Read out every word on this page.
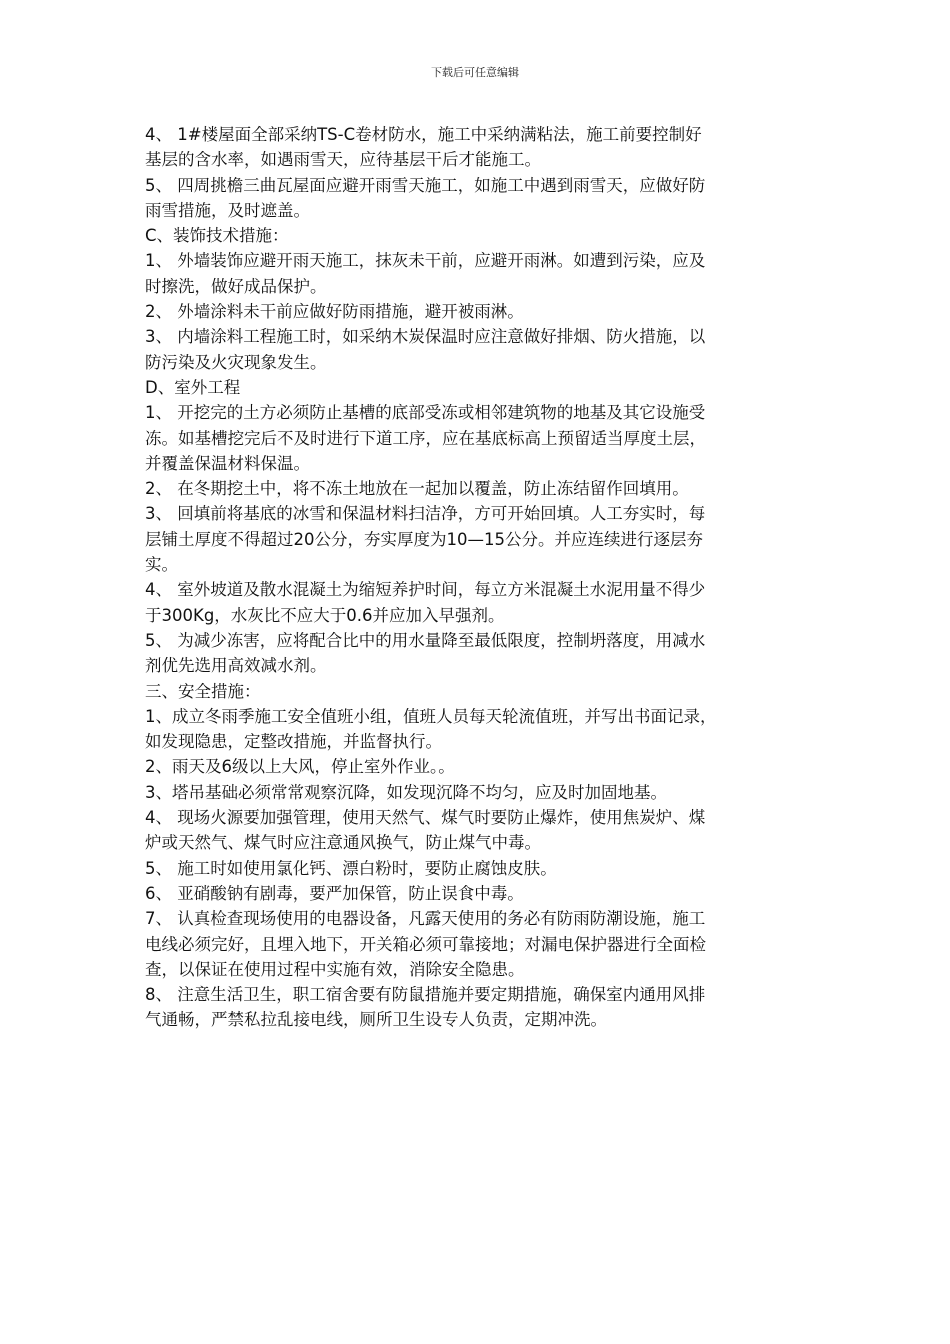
下载后可任意编辑
4、 1#楼屋面全部采纳TS-C卷材防水，施工中采纳满粘法，施工前要控制好
基层的含水率，如遇雨雪天，应待基层干后才能施工。
5、 四周挑檐三曲瓦屋面应避开雨雪天施工，如施工中遇到雨雪天，应做好防
雨雪措施，及时遮盖。
C、装饰技术措施：
1、 外墙装饰应避开雨天施工，抹灰未干前，应避开雨淋。如遭到污染，应及
时擦洗，做好成品保护。
2、 外墙涂料未干前应做好防雨措施，避开被雨淋。
3、 内墙涂料工程施工时，如采纳木炭保温时应注意做好排烟、防火措施，以
防污染及火灾现象发生。
D、室外工程
1、 开挖完的土方必须防止基槽的底部受冻或相邻建筑物的地基及其它设施受
冻。如基槽挖完后不及时进行下道工序，应在基底标高上预留适当厚度土层，
并覆盖保温材料保温。
2、 在冬期挖土中，将不冻土地放在一起加以覆盖，防止冻结留作回填用。
3、 回填前将基底的冰雪和保温材料扫洁净，方可开始回填。人工夯实时，每
层铺土厚度不得超过20公分，夯实厚度为10—15公分。并应连续进行逐层夯
实。
4、 室外坡道及散水混凝土为缩短养护时间，每立方米混凝土水泥用量不得少
于300Kg，水灰比不应大于0.6并应加入早强剂。
5、 为减少冻害，应将配合比中的用水量降至最低限度，控制坍落度，用减水
剂优先选用高效减水剂。
三、安全措施：
1、成立冬雨季施工安全值班小组，值班人员每天轮流值班，并写出书面记录，
如发现隐患，定整改措施，并监督执行。
2、雨天及6级以上大风，停止室外作业。。
3、塔吊基础必须常常观察沉降，如发现沉降不均匀，应及时加固地基。
4、 现场火源要加强管理，使用天然气、煤气时要防止爆炸，使用焦炭炉、煤
炉或天然气、煤气时应注意通风换气，防止煤气中毒。
5、 施工时如使用氯化钙、漂白粉时，要防止腐蚀皮肤。
6、 亚硝酸钠有剧毒，要严加保管，防止误食中毒。
7、 认真检查现场使用的电器设备，凡露天使用的务必有防雨防潮设施，施工
电线必须完好，且埋入地下，开关箱必须可靠接地；对漏电保护器进行全面检
查，以保证在使用过程中实施有效，消除安全隐患。
8、 注意生活卫生，职工宿舍要有防鼠措施并要定期措施，确保室内通用风排
气通畅，严禁私拉乱接电线，厕所卫生设专人负责，定期冲洗。
